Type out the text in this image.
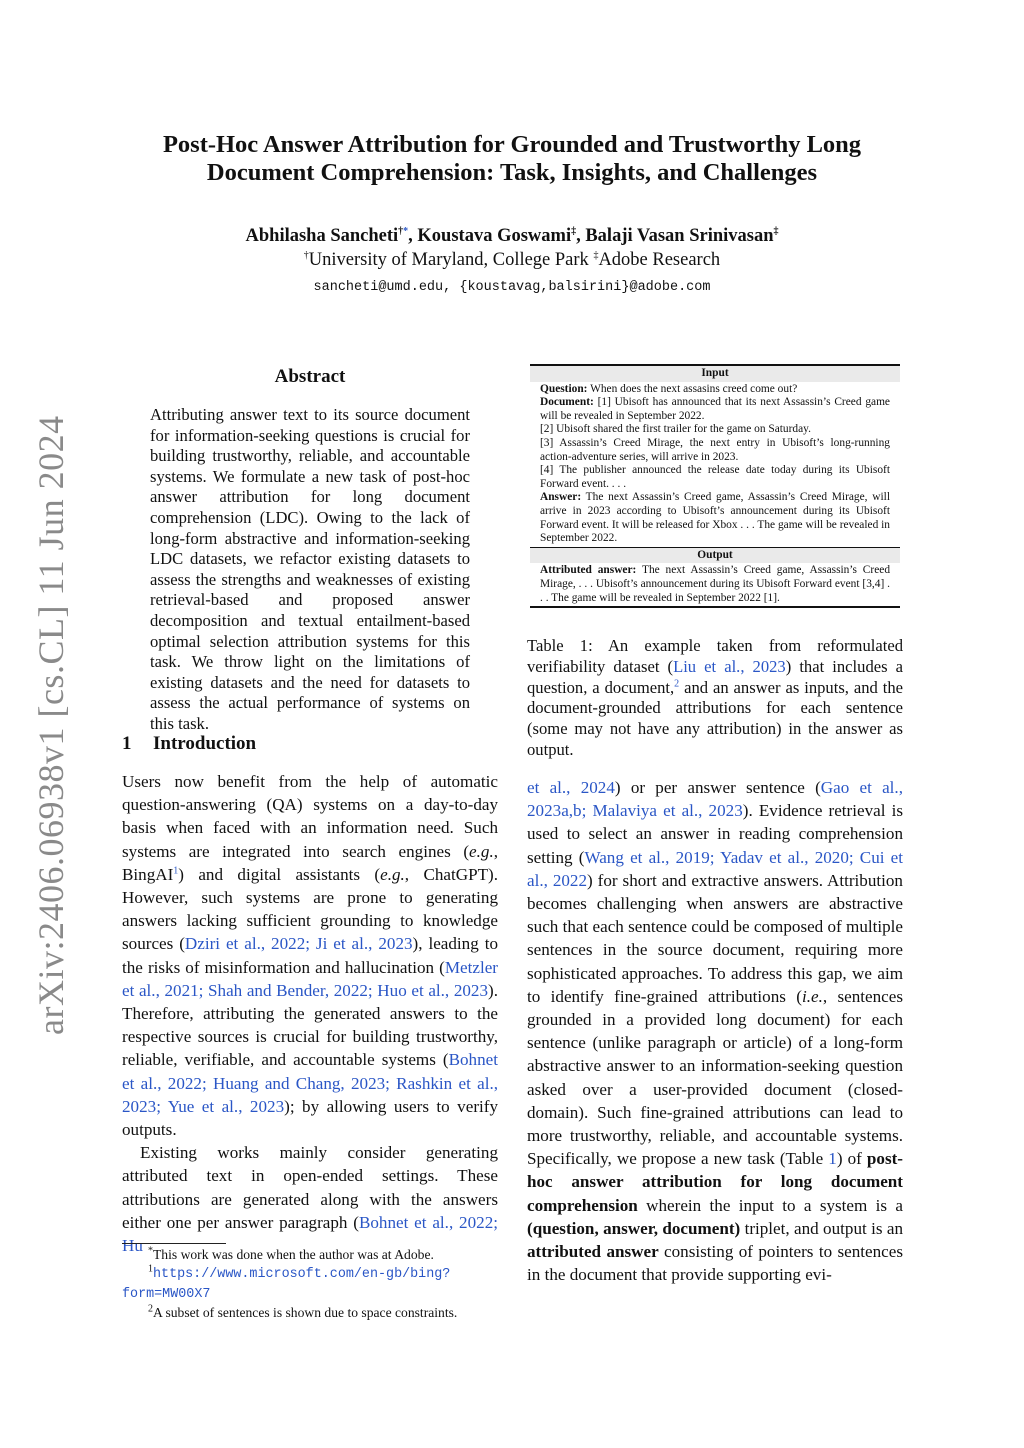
Post-Hoc Answer Attribution for Grounded and Trustworthy Long
Document Comprehension: Task, Insights, and Challenges
Abhilasha Sancheti†*, Koustava Goswami‡, Balaji Vasan Srinivasan‡
†University of Maryland, College Park ‡Adobe Research
sancheti@umd.edu, {koustavag,balsirini}@adobe.com
arXiv:2406.06938v1 [cs.CL] 11 Jun 2024
Abstract
Attributing answer text to its source document for information-seeking questions is crucial for building trustworthy, reliable, and accountable systems. We formulate a new task of post-hoc answer attribution for long document comprehension (LDC). Owing to the lack of long-form abstractive and information-seeking LDC datasets, we refactor existing datasets to assess the strengths and weaknesses of existing retrieval-based and proposed answer decomposition and textual entailment-based optimal selection attribution systems for this task. We throw light on the limitations of existing datasets and the need for datasets to assess the actual performance of systems on this task.
1 Introduction

Users now benefit from the help of automatic question-answering (QA) systems on a day-to-day basis when faced with an information need. Such systems are integrated into search engines (e.g., BingAI$^1$) and digital assistants (e.g., ChatGPT). However, such systems are prone to generating answers lacking sufficient grounding to knowledge sources (Dziri et al., 2022; Ji et al., 2023), leading to the risks of misinformation and hallucination (Metzler et al., 2021; Shah and Bender, 2022; Huo et al., 2023). Therefore, attributing the generated answers to the respective sources is crucial for building trustworthy, reliable, verifiable, and accountable systems (Bohnet et al., 2022; Huang and Chang, 2023; Rashkin et al., 2023; Yue et al., 2023); by allowing users to verify outputs.

Existing works mainly consider generating attributed text in open-ended settings. These attributions are generated along with the answers either one per answer paragraph (Bohnet et al., 2022; Hu *This work was done when the author was at Adobe.

$^1$https://www.microsoft.com/en-gb/bing?form=MW00X7

$^2$A subset of sentences is shown due to space constraints.

Input

Question: When does the next assasins creed come out?

Document: [1] Ubisoft has announced that its next Assassin’s Creed game will be revealed in September 2022.

[2] Ubisoft shared the first trailer for the game on Saturday.

[3] Assassin’s Creed Mirage, the next entry in Ubisoft’s long-running action-adventure series, will arrive in 2023.

[4] The publisher announced the release date today during its Ubisoft Forward event. . . .

Answer: The next Assassin’s Creed game, Assassin’s Creed Mirage, will arrive in 2023 according to Ubisoft’s announcement during its Ubisoft Forward event. It will be released for Xbox . . . The game will be revealed in September 2022.

Output

Attributed answer: The next Assassin’s Creed game, Assassin’s Creed Mirage, . . . Ubisoft’s announcement during its Ubisoft Forward event [3,4] . . . The game will be revealed in September 2022 [1].

Table 1: An example taken from reformulated verifiability dataset (Liu et al., 2023) that includes a question, a document,$^2$ and an answer as inputs, and the document-grounded attributions for each sentence (some may not have any attribution) in the answer as output.

et al., 2024) or per answer sentence (Gao et al., 2023a,b; Malaviya et al., 2023). Evidence retrieval is used to select an answer in reading comprehension setting (Wang et al., 2019; Yadav et al., 2020; Cui et al., 2022) for short and extractive answers. Attribution becomes challenging when answers are abstractive such that each sentence could be composed of multiple sentences in the source document, requiring more sophisticated approaches. To address this gap, we aim to identify fine-grained attributions (i.e., sentences grounded in a provided long document) for each sentence (unlike paragraph or article) of a long-form abstractive answer to an information-seeking question asked over a user-provided document (closed-domain). Such fine-grained attributions can lead to more trustworthy, reliable, and accountable systems. Specifically, we propose a new task (Table 1) of post-hoc answer attribution for long document comprehension wherein the input to a system is a (question, answer, document) triplet, and output is an attributed answer consisting of pointers to sentences in the document that provide supporting evi-
